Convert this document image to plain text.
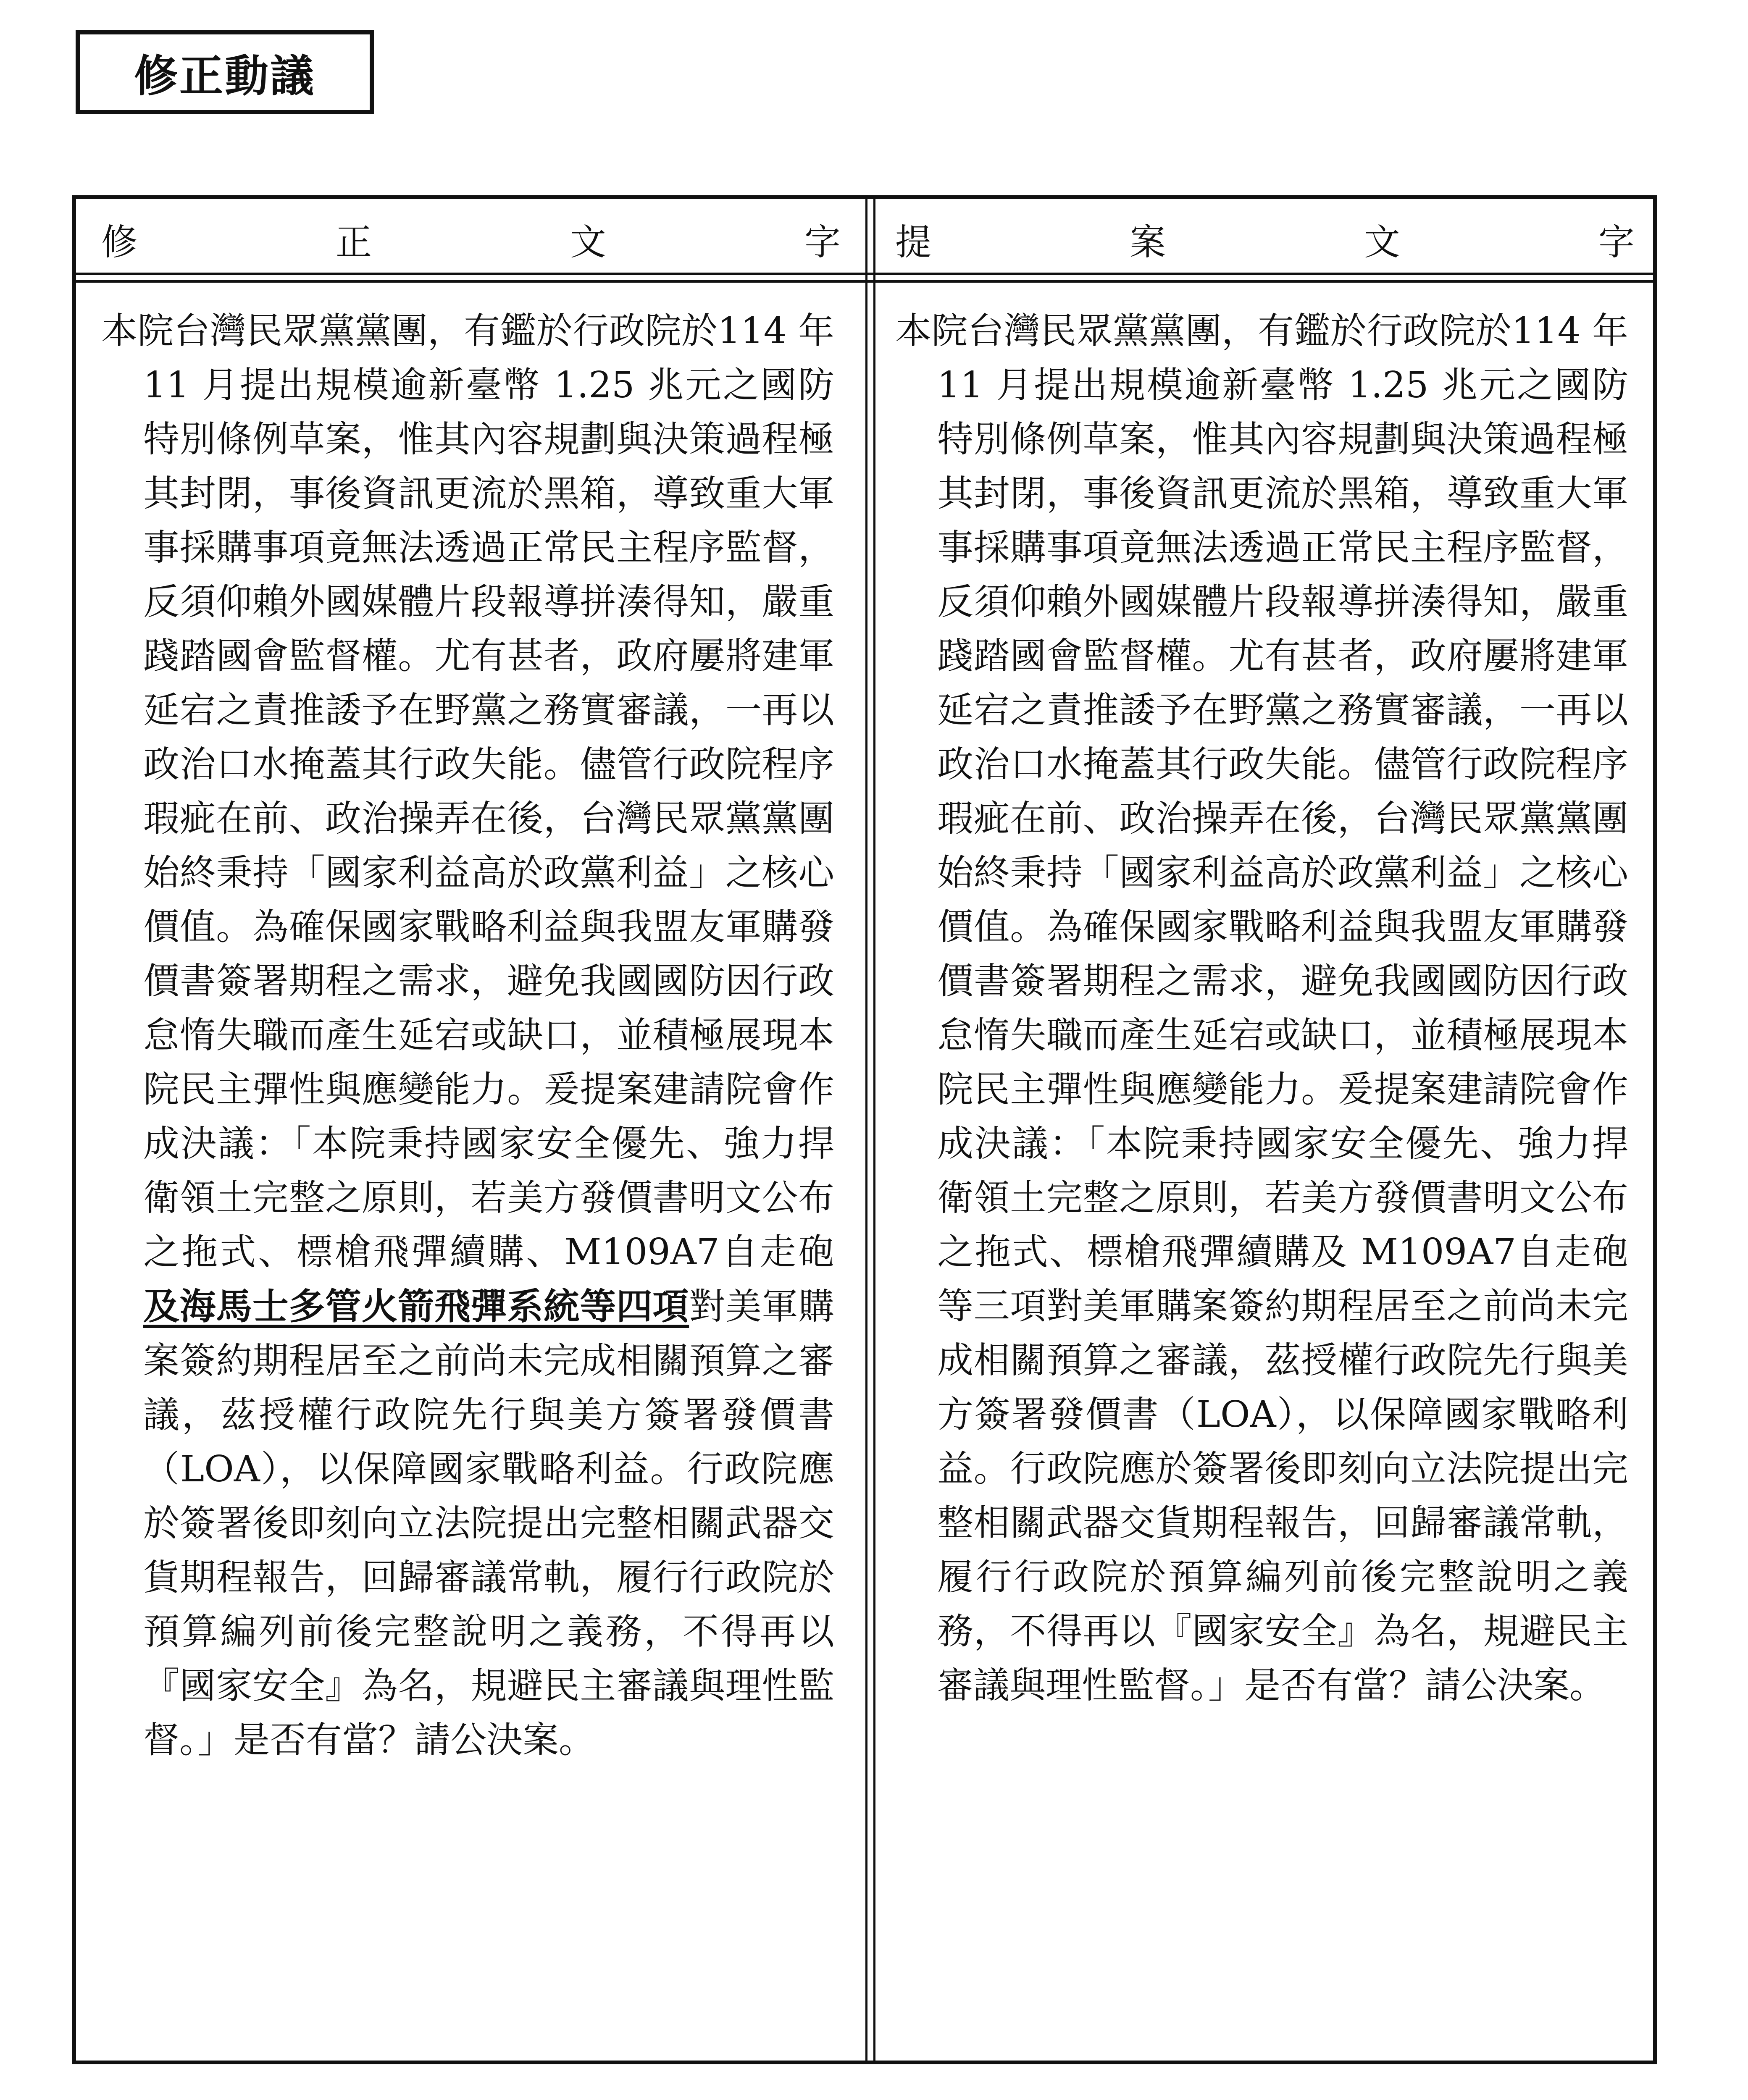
修正動議
修	正	文	字 提	案	文	字
本院台灣民眾黨黨團，有鑑於行政院於114 年 11 月提出規模逾新臺幣 1.25 兆元之國防特別條例草案，惟其內容規劃與決策過程極其封閉，事後資訊更流於黑箱，導致重大軍事採購事項竟無法透過正常民主程序監督，反須仰賴外國媒體片段報導拼湊得知，嚴重踐踏國會監督權。尤有甚者，政府屢將建軍延宕之責推諉予在野黨之務實審議，一再以政治口水掩蓋其行政失能。儘管行政院程序瑕疵在前、政治操弄在後，台灣民眾黨黨團始終秉持「國家利益高於政黨利益」之核心價值。為確保國家戰略利益與我盟友軍購發價書簽署期程之需求，避免我國國防因行政怠惰失職而產生延宕或缺口，並積極展現本院民主彈性與應變能力。爰提案建請院會作成決議：「本院秉持國家安全優先、強力捍衛領土完整之原則，若美方發價書明文公布之拖式、標槍飛彈續購、M109A7自走砲及海馬士多管火箭飛彈系統等四項對美軍購案簽約期程居至之前尚未完成相關預算之審議，茲授權行政院先行與美方簽署發價書（LOA），以保障國家戰略利益。行政院應於簽署後即刻向立法院提出完整相關武器交貨期程報告，回歸審議常軌，履行行政院於預算編列前後完整說明之義務，不得再以『國家安全』為名，規避民主審議與理性監督。」是否有當？請公決案。
本院台灣民眾黨黨團，有鑑於行政院於114 年 11 月提出規模逾新臺幣 1.25 兆元之國防特別條例草案，惟其內容規劃與決策過程極其封閉，事後資訊更流於黑箱，導致重大軍事採購事項竟無法透過正常民主程序監督，反須仰賴外國媒體片段報導拼湊得知，嚴重踐踏國會監督權。尤有甚者，政府屢將建軍延宕之責推諉予在野黨之務實審議，一再以政治口水掩蓋其行政失能。儘管行政院程序瑕疵在前、政治操弄在後，台灣民眾黨黨團始終秉持「國家利益高於政黨利益」之核心價值。為確保國家戰略利益與我盟友軍購發價書簽署期程之需求，避免我國國防因行政怠惰失職而產生延宕或缺口，並積極展現本院民主彈性與應變能力。爰提案建請院會作成決議：「本院秉持國家安全優先、強力捍衛領土完整之原則，若美方發價書明文公布之拖式、標槍飛彈續購及 M109A7自走砲等三項對美軍購案簽約期程居至之前尚未完成相關預算之審議，茲授權行政院先行與美方簽署發價書（LOA），以保障國家戰略利益。行政院應於簽署後即刻向立法院提出完整相關武器交貨期程報告，回歸審議常軌，履行行政院於預算編列前後完整說明之義務，不得再以『國家安全』為名，規避民主審議與理性監督。」是否有當？請公決案。
